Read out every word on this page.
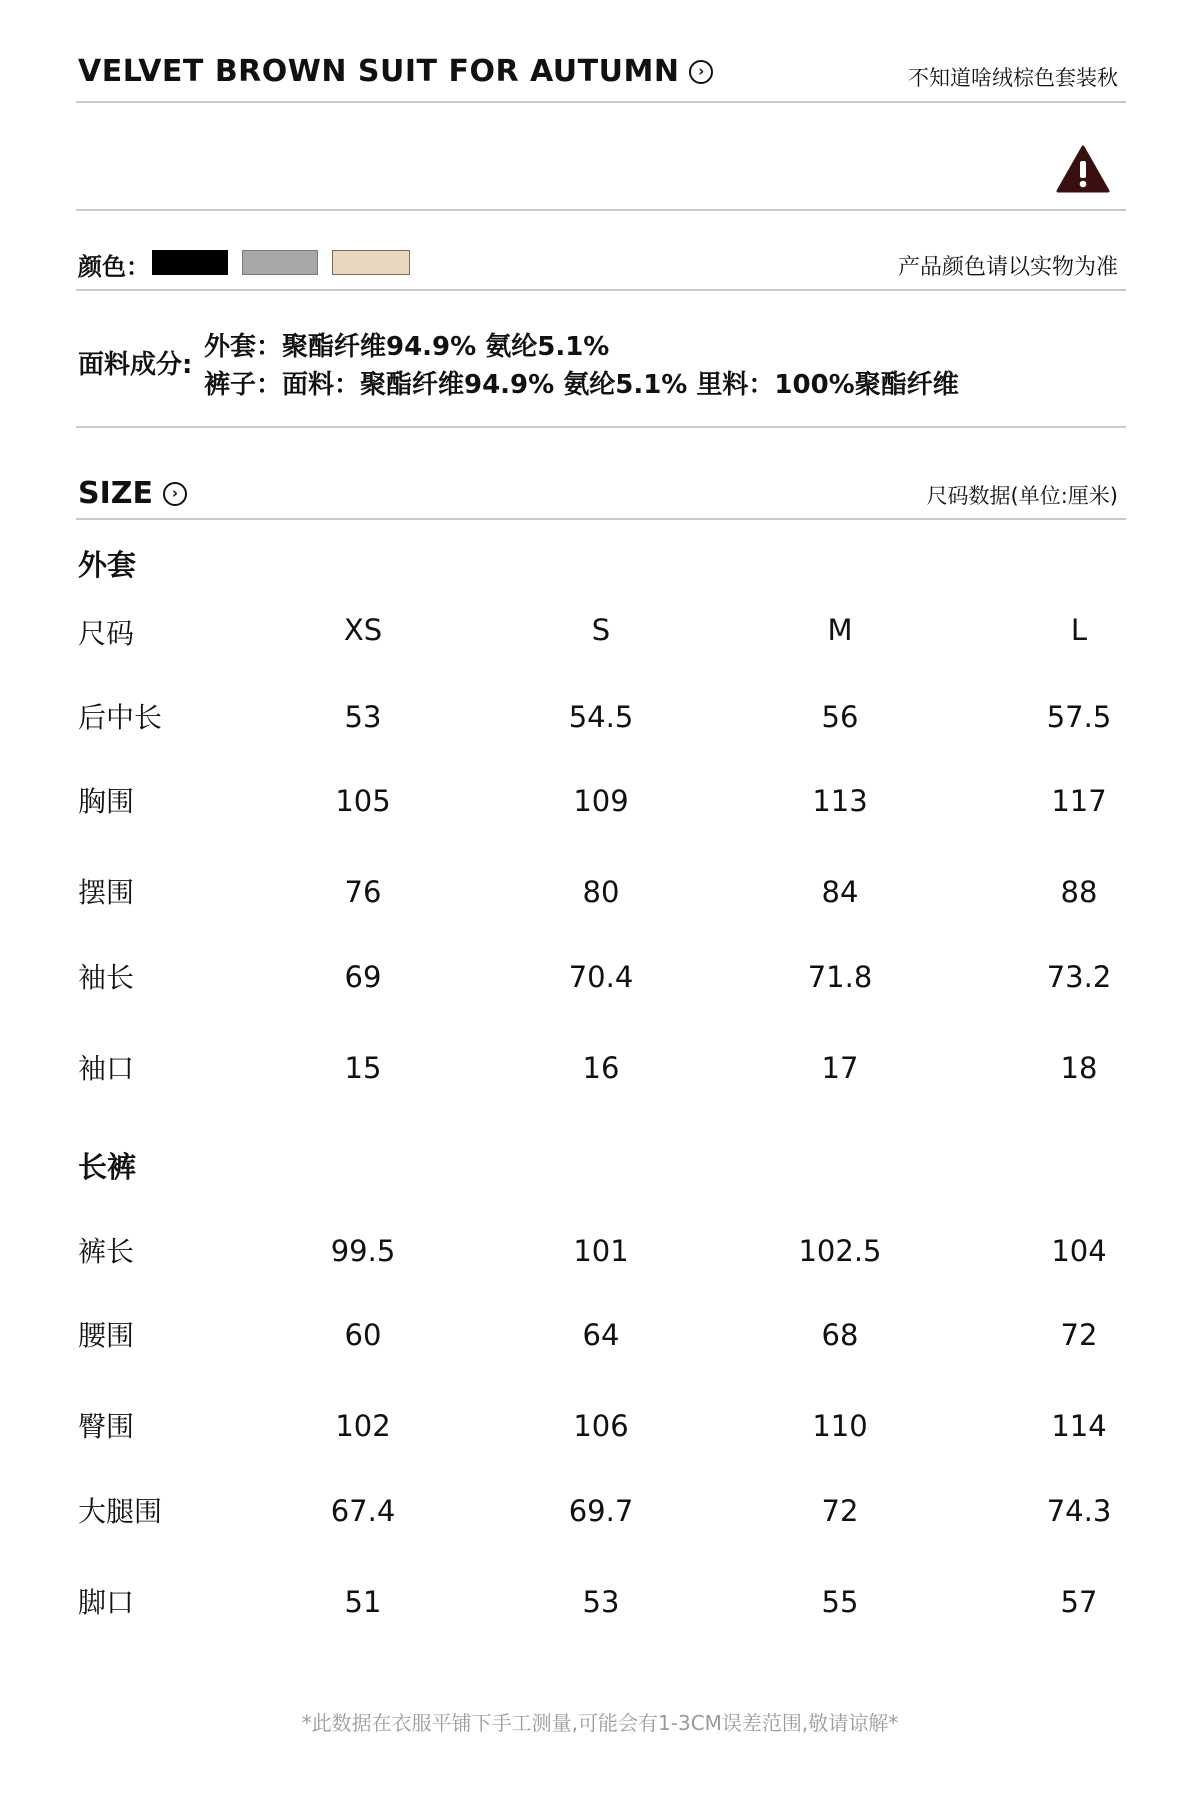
VELVET BROWN SUIT FOR AUTUMN	›	不知道啥绒棕色套装秋
颜色：	产品颜色请以实物为准
面料成分:
外套：聚酯纤维94.9% 氨纶5.1%
裤子：面料：聚酯纤维94.9% 氨纶5.1% 里料：100%聚酯纤维
SIZE	›	尺码数据(单位:厘米)
外套
尺码	XS	S	M	L
后中长	53	54.5	56	57.5
胸围	105	109	113	117
摆围	76	80	84	88
袖长	69	70.4	71.8	73.2
袖口	15	16	17	18
长裤
裤长	99.5	101	102.5	104
腰围	60	64	68	72
臀围	102	106	110	114
大腿围	67.4	69.7	72	74.3
脚口	51	53	55	57
*此数据在衣服平铺下手工测量,可能会有1-3CM误差范围,敬请谅解*
